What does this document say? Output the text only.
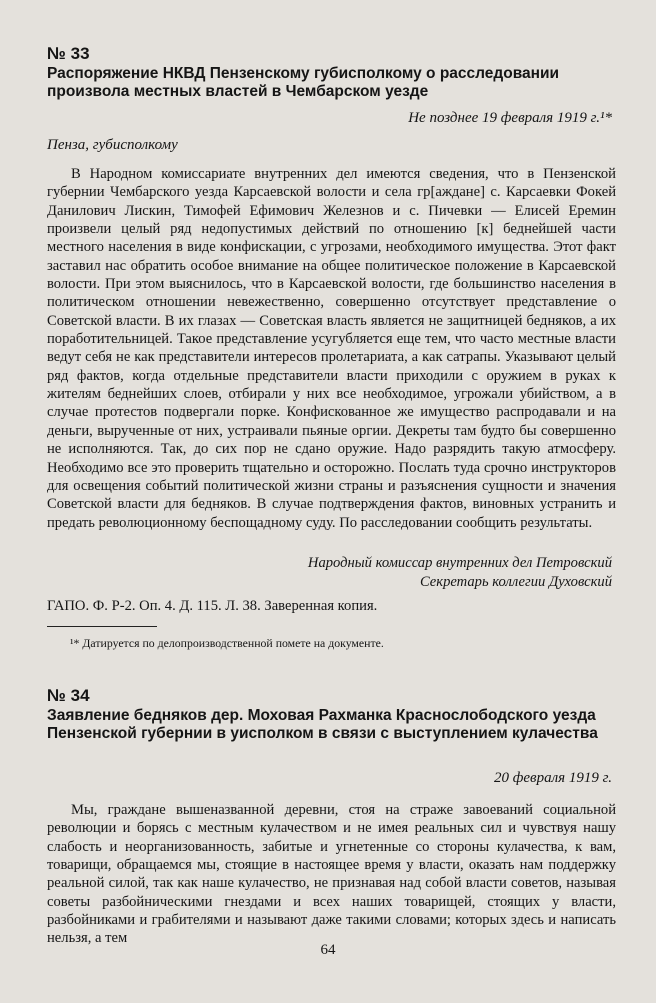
№ 33
Распоряжение НКВД Пензенскому губисполкому о расследовании произвола местных властей в Чембарском уезде
Не позднее 19 февраля 1919 г.¹*
Пенза, губисполкому

В Народном комиссариате внутренних дел имеются сведения, что в Пензенской губернии Чембарского уезда Карсаевской волости и села гр[аждане] с. Карсаевки Фокей Данилович Лискин, Тимофей Ефимович Железнов и с. Пичевки — Елисей Еремин произвели целый ряд недопустимых действий по отношению [к] беднейшей части местного населения в виде конфискации, с угрозами, необходимого имущества. Этот факт заставил нас обратить особое внимание на общее политическое положение в Карсаевской волости. При этом выяснилось, что в Карсаевской волости, где большинство населения в политическом отношении невежественно, совершенно отсутствует представление о Советской власти. В их глазах — Советская власть является не защитницей бедняков, а их поработительницей. Такое представление усугубляется еще тем, что часто местные власти ведут себя не как представители интересов пролетариата, а как сатрапы. Указывают целый ряд фактов, когда отдельные представители власти приходили с оружием в руках к жителям беднейших слоев, отбирали у них все необходимое, угрожали убийством, а в случае протестов подвергали порке. Конфискованное же имущество распродавали и на деньги, вырученные от них, устраивали пьяные оргии. Декреты там будто бы совершенно не исполняются. Так, до сих пор не сдано оружие. Надо разрядить такую атмосферу. Необходимо все это проверить тщательно и осторожно. Послать туда срочно инструкторов для освещения событий политической жизни страны и разъяснения сущности и значения Советской власти для бедняков. В случае подтверждения фактов, виновных устранить и предать революционному беспощадному суду. По расследовании сообщить результаты.

Народный комиссар внутренних дел Петровский
Секретарь коллегии Духовский
ГАПО. Ф. Р-2. Оп. 4. Д. 115. Л. 38. Заверенная копия.
¹* Датируется по делопроизводственной помете на документе.
№ 34
Заявление бедняков дер. Моховая Рахманка Краснослободского уезда Пензенской губернии в уисполком в связи с выступлением кулачества
20 февраля 1919 г.

Мы, граждане вышеназванной деревни, стоя на страже завоеваний социальной революции и борясь с местным кулачеством и не имея реальных сил и чувствуя нашу слабость и неорганизованность, забитые и угнетенные со стороны кулачества, к вам, товарищи, обращаемся мы, стоящие в настоящее время у власти, оказать нам поддержку реальной силой, так как наше кулачество, не признавая над собой власти советов, называя советы разбойническими гнездами и всех наших товарищей, стоящих у власти, разбойниками и грабителями и называют даже такими словами; которых здесь и написать нельзя, а тем

64
